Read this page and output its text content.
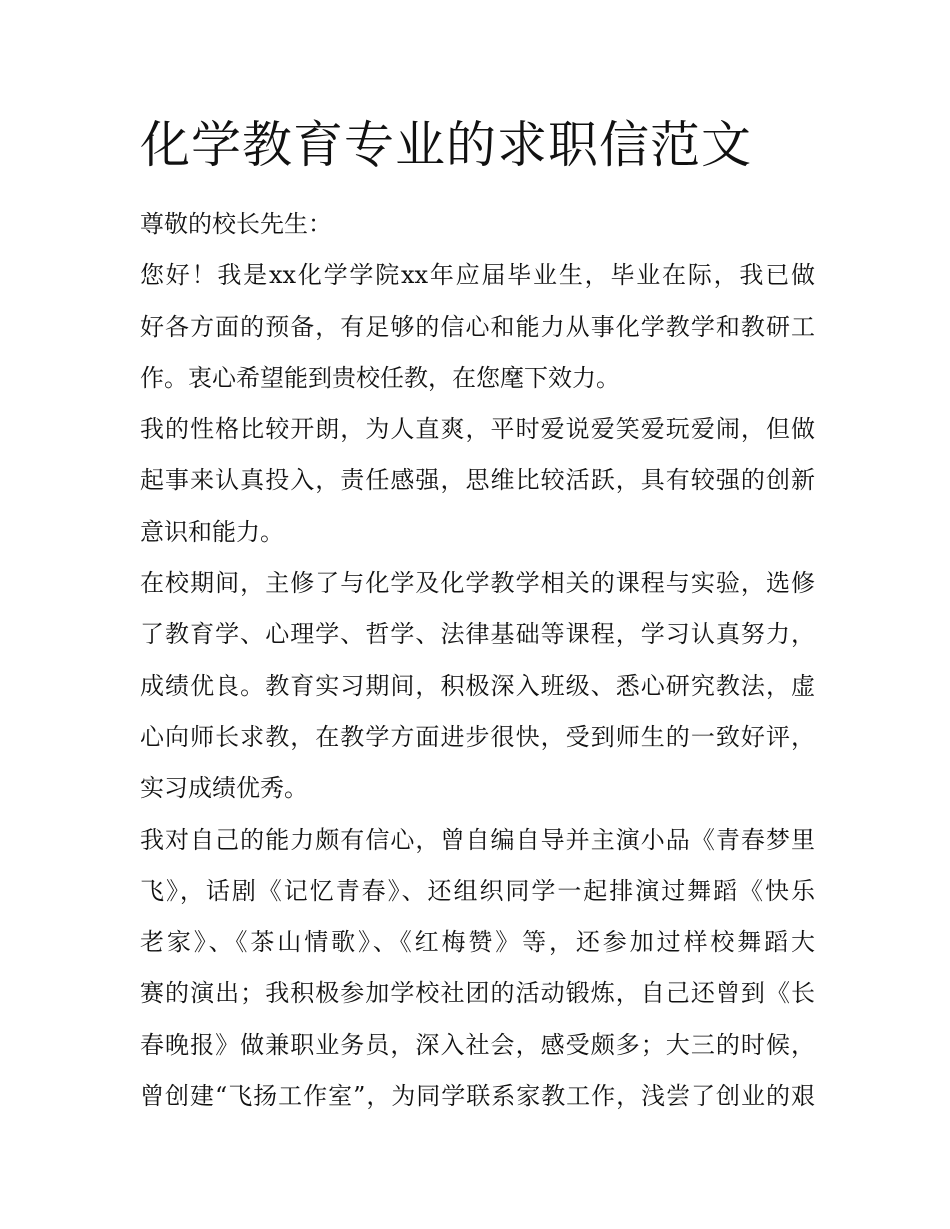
化学教育专业的求职信范文
尊敬的校长先生：
您好！我是xx化学学院xx年应届毕业生，毕业在际，我已做
好各方面的预备，有足够的信心和能力从事化学教学和教研工
作。衷心希望能到贵校任教，在您麾下效力。
我的性格比较开朗，为人直爽，平时爱说爱笑爱玩爱闹，但做
起事来认真投入，责任感强，思维比较活跃，具有较强的创新
意识和能力。
在校期间，主修了与化学及化学教学相关的课程与实验，选修
了教育学、心理学、哲学、法律基础等课程，学习认真努力，
成绩优良。教育实习期间，积极深入班级、悉心研究教法，虚
心向师长求教，在教学方面进步很快，受到师生的一致好评，
实习成绩优秀。
我对自己的能力颇有信心，曾自编自导并主演小品《青春梦里
飞》，话剧《记忆青春》、还组织同学一起排演过舞蹈《快乐
老家》、《茶山情歌》、《红梅赞》等，还参加过样校舞蹈大
赛的演出；我积极参加学校社团的活动锻炼，自己还曾到《长
春晚报》做兼职业务员，深入社会，感受颇多；大三的时候，
曾创建“飞扬工作室”，为同学联系家教工作，浅尝了创业的艰
